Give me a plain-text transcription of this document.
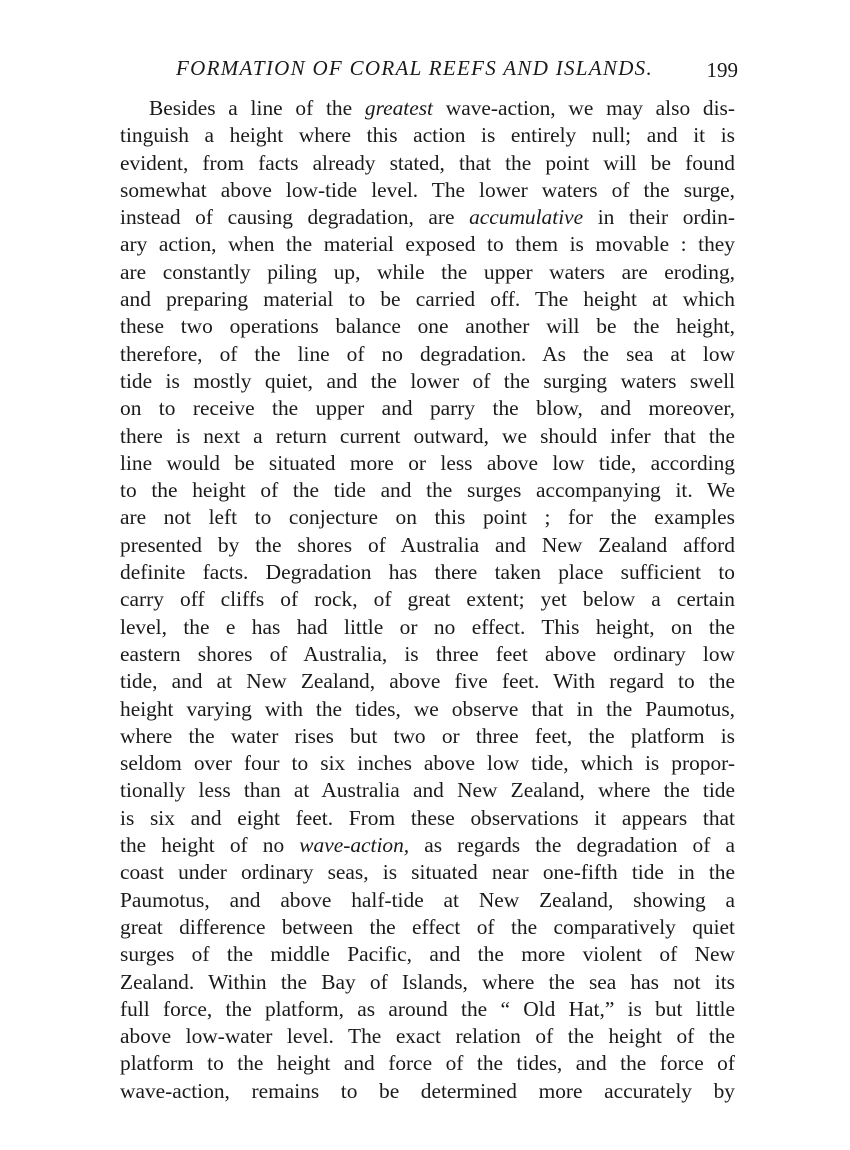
FORMATION OF CORAL REEFS AND ISLANDS.	199
Besides a line of the greatest wave-action, we may also dis-
tinguish a height where this action is entirely null; and it is
evident, from facts already stated, that the point will be found
somewhat above low-tide level. The lower waters of the surge,
instead of causing degradation, are accumulative in their ordin-
ary action, when the material exposed to them is movable : they
are constantly piling up, while the upper waters are eroding,
and preparing material to be carried off. The height at which
these two operations balance one another will be the height,
therefore, of the line of no degradation. As the sea at low
tide is mostly quiet, and the lower of the surging waters swell
on to receive the upper and parry the blow, and moreover,
there is next a return current outward, we should infer that the
line would be situated more or less above low tide, according
to the height of the tide and the surges accompanying it. We
are not left to conjecture on this point ; for the examples
presented by the shores of Australia and New Zealand afford
definite facts. Degradation has there taken place sufficient to
carry off cliffs of rock, of great extent; yet below a certain
level, the e has had little or no effect. This height, on the
eastern shores of Australia, is three feet above ordinary low
tide, and at New Zealand, above five feet. With regard to the
height varying with the tides, we observe that in the Paumotus,
where the water rises but two or three feet, the platform is
seldom over four to six inches above low tide, which is propor-
tionally less than at Australia and New Zealand, where the tide
is six and eight feet. From these observations it appears that
the height of no wave-action, as regards the degradation of a
coast under ordinary seas, is situated near one-fifth tide in the
Paumotus, and above half-tide at New Zealand, showing a
great difference between the effect of the comparatively quiet
surges of the middle Pacific, and the more violent of New
Zealand. Within the Bay of Islands, where the sea has not its
full force, the platform, as around the “ Old Hat,” is but little
above low-water level. The exact relation of the height of the
platform to the height and force of the tides, and the force of
wave-action, remains to be determined more accurately by
